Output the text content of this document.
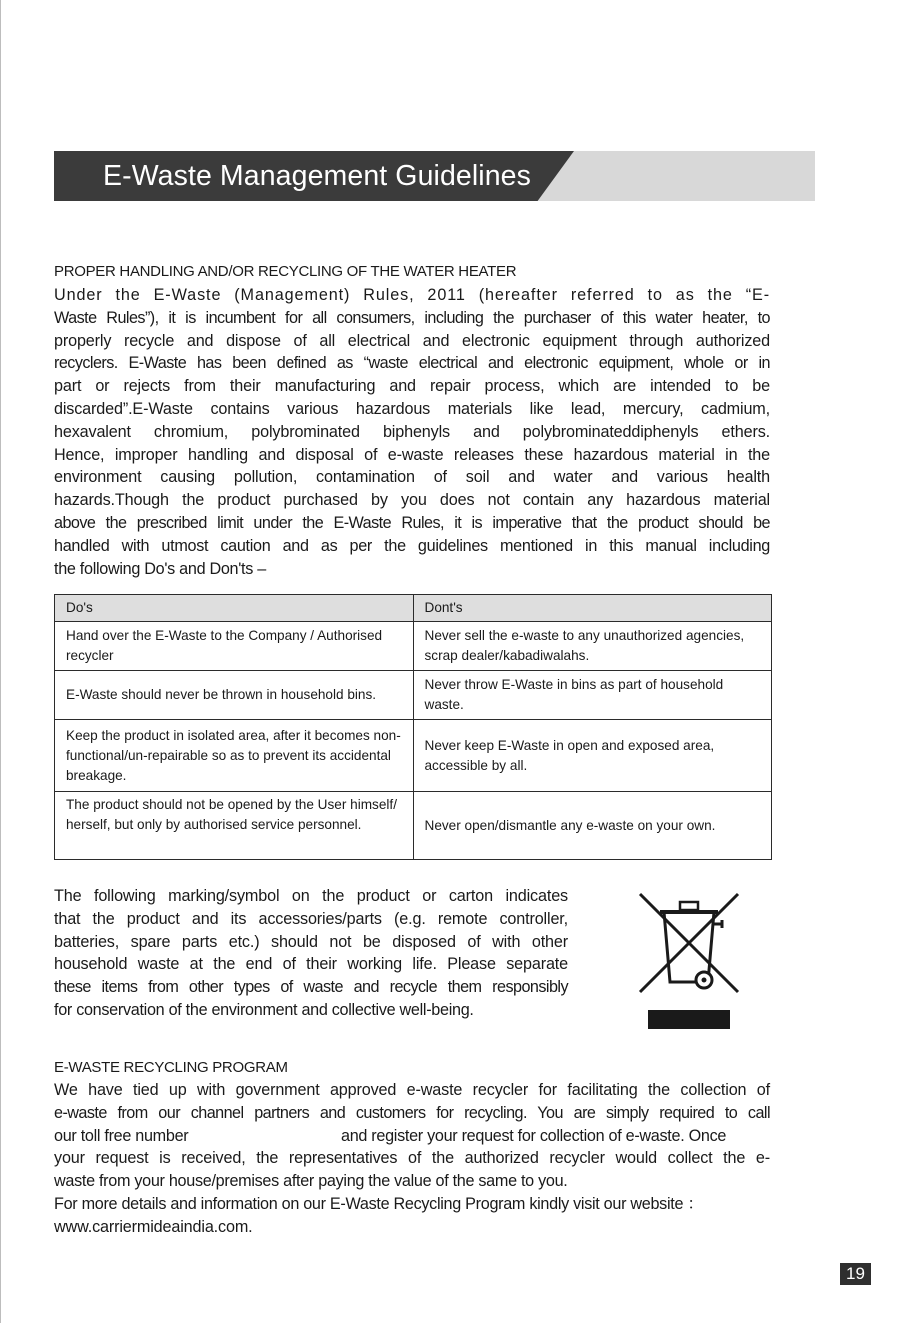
E-Waste Management Guidelines
PROPER HANDLING AND/OR RECYCLING OF THE WATER HEATER
Under the E-Waste (Management) Rules, 2011 (hereafter referred to as the “E-
Waste Rules”), it is incumbent for all consumers, including the purchaser of this water heater, to
properly recycle and dispose of all electrical and electronic equipment through authorized
recyclers. E-Waste has been defined as “waste electrical and electronic equipment, whole or in
part or rejects from their manufacturing and repair process, which are intended to be
discarded”.E-Waste contains various hazardous materials like lead, mercury, cadmium,
hexavalent chromium, polybrominated biphenyls and polybrominateddiphenyls ethers.
Hence, improper handling and disposal of e-waste releases these hazardous material in the
environment causing pollution, contamination of soil and water and various health
hazards.Though the product purchased by you does not contain any hazardous material
above the prescribed limit under the E-Waste Rules, it is imperative that the product should be
handled with utmost caution and as per the guidelines mentioned in this manual including
the following Do's and Don'ts –
Do's	Dont's
Hand over the E-Waste to the Company / Authorised recycler	Never sell the e-waste to any unauthorized agencies, scrap dealer/kabadiwalahs.
E-Waste should never be thrown in household bins.	Never throw E-Waste in bins as part of household waste.
Keep the product in isolated area, after it becomes non-functional/un-repairable so as to prevent its accidental breakage.	Never keep E-Waste in open and exposed area, accessible by all.
The product should not be opened by the User himself/ herself, but only by authorised service personnel.	Never open/dismantle any e-waste on your own.
The following marking/symbol on the product or carton indicates
that the product and its accessories/parts (e.g. remote controller,
batteries, spare parts etc.) should not be disposed of with other
household waste at the end of their working life. Please separate
these items from other types of waste and recycle them responsibly
for conservation of the environment and collective well-being.
E-WASTE RECYCLING PROGRAM
We have tied up with government approved e-waste recycler for facilitating the collection of
e-waste from our channel partners and customers for recycling. You are simply required to call
our toll free number	and register your request for collection of e-waste. Once
your request is received, the representatives of the authorized recycler would collect the e-
waste from your house/premises after paying the value of the same to you.
For more details and information on our E-Waste Recycling Program kindly visit our website ：
www.carriermideaindia.com.
19
